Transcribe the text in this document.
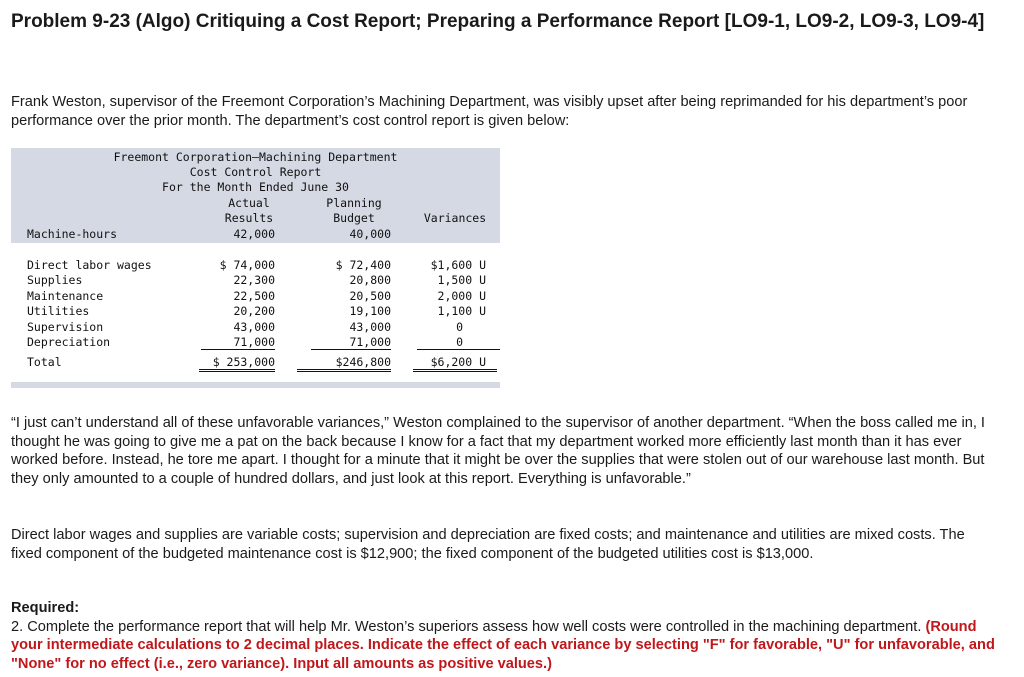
Problem 9-23 (Algo) Critiquing a Cost Report; Preparing a Performance Report [LO9-1, LO9-2, LO9-3, LO9-4]

Frank Weston, supervisor of the Freemont Corporation’s Machining Department, was visibly upset after being reprimanded for his department’s poor performance over the prior month. The department’s cost control report is given below:

Freemont Corporation—Machining Department
Cost Control Report
For the Month Ended June 30
Actual
Results
Planning
Budget	Variances
Machine-hours	42,000	40,000
Direct labor wages	$ 74,000	$ 72,400	$1,600 U
Supplies	22,300	20,800	1,500 U
Maintenance	22,500	20,500	2,000 U
Utilities	20,200	19,100	1,100 U
Supervision	43,000	43,000	0
Depreciation	71,000	71,000	0
Total	$ 253,000	$246,800	$6,200 U

“I just can’t understand all of these unfavorable variances,” Weston complained to the supervisor of another department. “When the boss called me in, I thought he was going to give me a pat on the back because I know for a fact that my department worked more efficiently last month than it has ever worked before. Instead, he tore me apart. I thought for a minute that it might be over the supplies that were stolen out of our warehouse last month. But they only amounted to a couple of hundred dollars, and just look at this report. Everything is unfavorable.”

Direct labor wages and supplies are variable costs; supervision and depreciation are fixed costs; and maintenance and utilities are mixed costs. The fixed component of the budgeted maintenance cost is $12,900; the fixed component of the budgeted utilities cost is $13,000.

Required:
2. Complete the performance report that will help Mr. Weston’s superiors assess how well costs were controlled in the machining department. (Round your intermediate calculations to 2 decimal places. Indicate the effect of each variance by selecting "F" for favorable, "U" for unfavorable, and "None" for no effect (i.e., zero variance). Input all amounts as positive values.)
